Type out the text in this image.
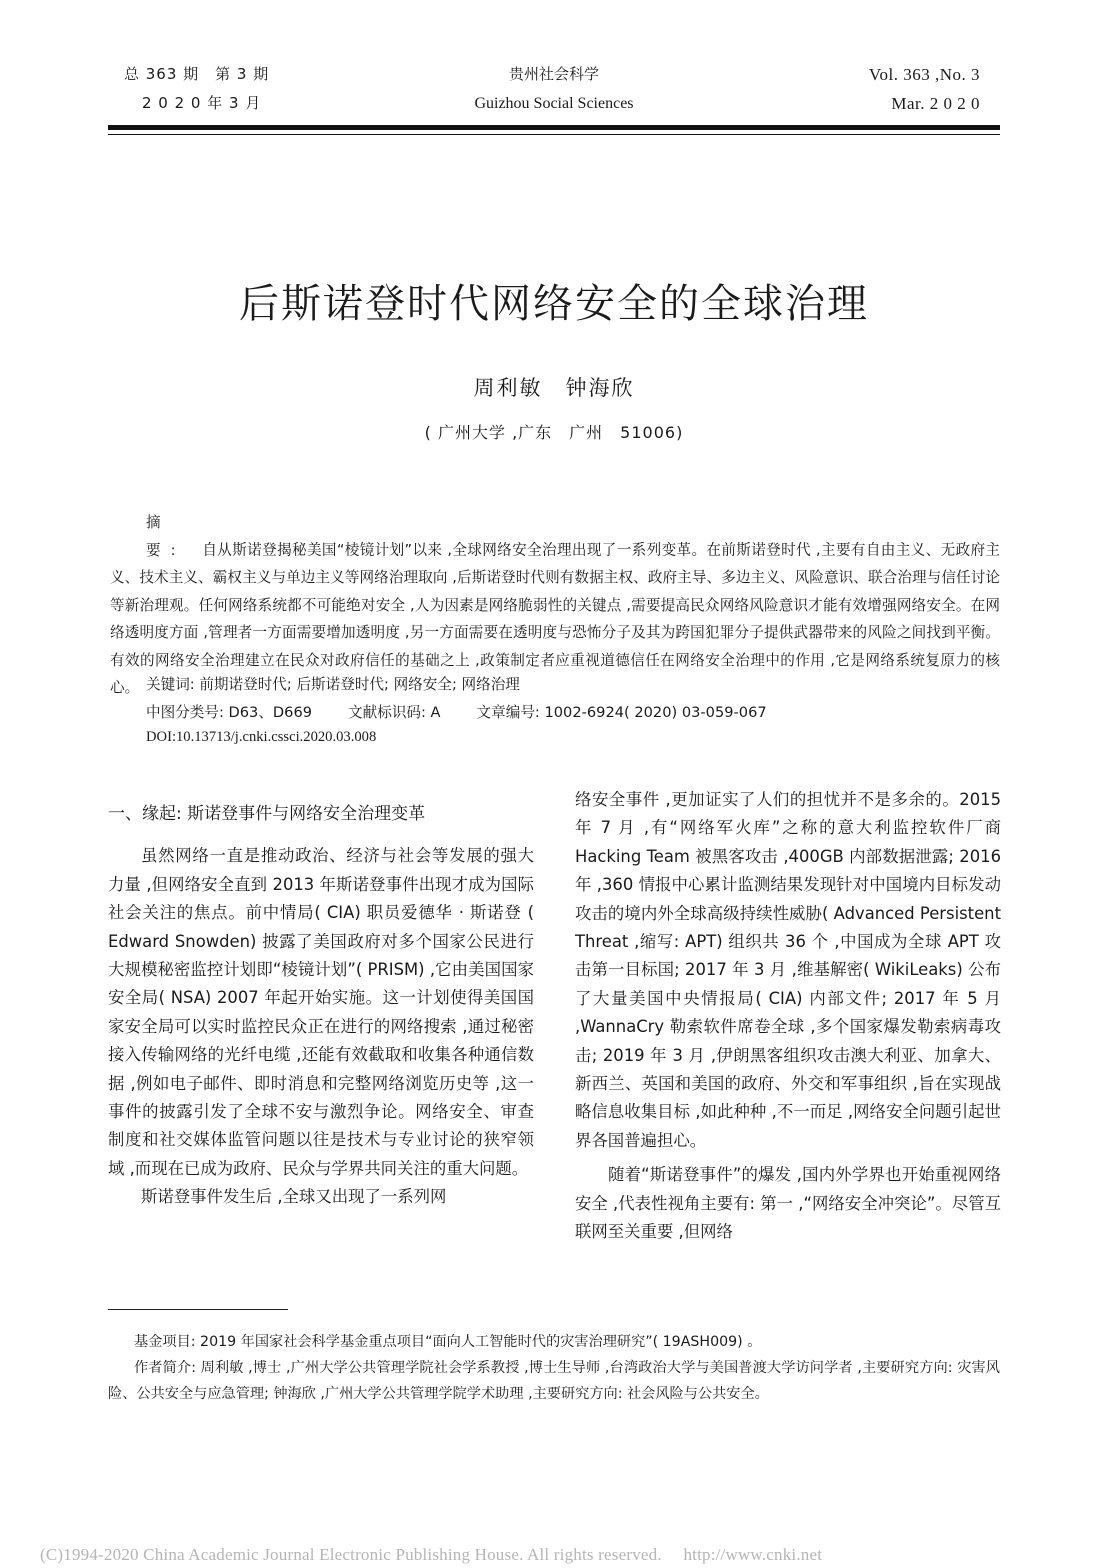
总 363 期　第 3 期
2 0 2 0 年 3 月
贵州社会科学
Guizhou Social Sciences
Vol. 363 ,No. 3
Mar. 2 0 2 0
后斯诺登时代网络安全的全球治理
周利敏　钟海欣
( 广州大学 ,广东　广州　51006)
摘　要: 自从斯诺登揭秘美国“棱镜计划”以来 ,全球网络安全治理出现了一系列变革。在前斯诺登时代 ,主要有自由主义、无政府主义、技术主义、霸权主义与单边主义等网络治理取向 ,后斯诺登时代则有数据主权、政府主导、多边主义、风险意识、联合治理与信任讨论等新治理观。任何网络系统都不可能绝对安全 ,人为因素是网络脆弱性的关键点 ,需要提高民众网络风险意识才能有效增强网络安全。在网络透明度方面 ,管理者一方面需要增加透明度 ,另一方面需要在透明度与恐怖分子及其为跨国犯罪分子提供武器带来的风险之间找到平衡。有效的网络安全治理建立在民众对政府信任的基础之上 ,政策制定者应重视道德信任在网络安全治理中的作用 ,它是网络系统复原力的核心。 关键词: 前期诺登时代; 后斯诺登时代; 网络安全; 网络治理
中图分类号: D63、D669 文献标识码: A 文章编号: 1002-6924( 2020) 03-059-067
DOI:10.13713/j.cnki.cssci.2020.03.008
一、缘起: 斯诺登事件与网络安全治理变革

虽然网络一直是推动政治、经济与社会等发展的强大力量 ,但网络安全直到 2013 年斯诺登事件出现才成为国际社会关注的焦点。前中情局( CIA) 职员爱德华 · 斯诺登 ( Edward Snowden) 披露了美国政府对多个国家公民进行大规模秘密监控计划即“棱镜计划”( PRISM) ,它由美国国家安全局( NSA) 2007 年起开始实施。这一计划使得美国国家安全局可以实时监控民众正在进行的网络搜索 ,通过秘密接入传输网络的光纤电缆 ,还能有效截取和收集各种通信数据 ,例如电子邮件、即时消息和完整网络浏览历史等 ,这一事件的披露引发了全球不安与激烈争论。网络安全、审查制度和社交媒体监管问题以往是技术与专业讨论的狭窄领域 ,而现在已成为政府、民众与学界共同关注的重大问题。

斯诺登事件发生后 ,全球又出现了一系列网

络安全事件 ,更加证实了人们的担忧并不是多余的。2015 年 7 月 ,有“网络军火库”之称的意大利监控软件厂商 Hacking Team 被黑客攻击 ,400GB 内部数据泄露; 2016 年 ,360 情报中心累计监测结果发现针对中国境内目标发动攻击的境内外全球高级持续性威胁( Advanced Persistent Threat ,缩写: APT) 组织共 36 个 ,中国成为全球 APT 攻击第一目标国; 2017 年 3 月 ,维基解密( WikiLeaks) 公布了大量美国中央情报局( CIA) 内部文件; 2017 年 5 月 ,WannaCry 勒索软件席卷全球 ,多个国家爆发勒索病毒攻击; 2019 年 3 月 ,伊朗黑客组织攻击澳大利亚、加拿大、新西兰、英国和美国的政府、外交和军事组织 ,旨在实现战略信息收集目标 ,如此种种 ,不一而足 ,网络安全问题引起世界各国普遍担心。

随着“斯诺登事件”的爆发 ,国内外学界也开始重视网络安全 ,代表性视角主要有: 第一 ,“网络安全冲突论”。尽管互联网至关重要 ,但网络

基金项目: 2019 年国家社会科学基金重点项目“面向人工智能时代的灾害治理研究”( 19ASH009) 。

作者简介: 周利敏 ,博士 ,广州大学公共管理学院社会学系教授 ,博士生导师 ,台湾政治大学与美国普渡大学访问学者 ,主要研究方向: 灾害风险、公共安全与应急管理; 钟海欣 ,广州大学公共管理学院学术助理 ,主要研究方向: 社会风险与公共安全。

(C)1994-2020 China Academic Journal Electronic Publishing House. All rights reserved.　 http://www.cnki.net
